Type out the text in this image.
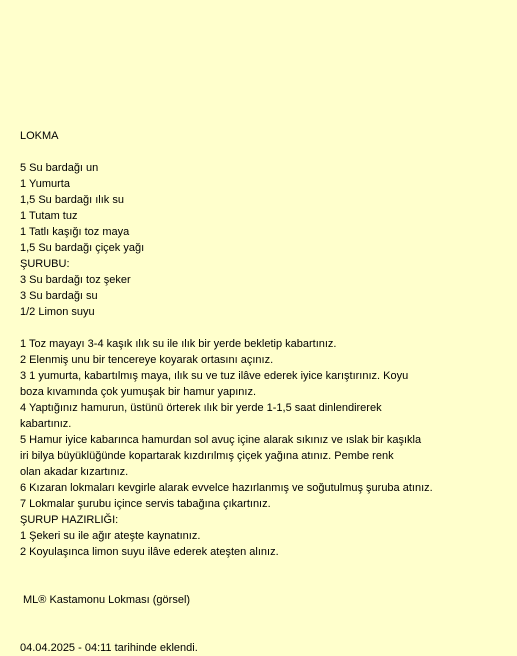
LOKMA
5 Su bardağı un
1 Yumurta
1,5 Su bardağı ılık su
1 Tutam tuz
1 Tatlı kaşığı toz maya
1,5 Su bardağı çiçek yağı
ŞURUBU:
3 Su bardağı toz şeker
3 Su bardağı su
1/2 Limon suyu
1 Toz mayayı 3-4 kaşık ılık su ile ılık bir yerde bekletip kabartınız.
2 Elenmiş unu bir tencereye koyarak ortasını açınız.
3 1 yumurta, kabartılmış maya, ılık su ve tuz ilâve ederek iyice karıştırınız. Koyu
boza kıvamında çok yumuşak bir hamur yapınız.
4 Yaptığınız hamurun, üstünü örterek ılık bir yerde 1-1,5 saat dinlendirerek
kabartınız.
5 Hamur iyice kabarınca hamurdan sol avuç içine alarak sıkınız ve ıslak bir kaşıkla
iri bilya büyüklüğünde kopartarak kızdırılmış çiçek yağına atınız. Pembe renk
olan akadar kızartınız.
6 Kızaran lokmaları kevgirle alarak evvelce hazırlanmış ve soğutulmuş şuruba atınız.
7 Lokmalar şurubu içince servis tabağına çıkartınız.
ŞURUP HAZIRLIĞI:
1 Şekeri su ile ağır ateşte kaynatınız.
2 Koyulaşınca limon suyu ilâve ederek ateşten alınız.
ML® Kastamonu Lokması (görsel)
04.04.2025 - 04:11 tarihinde eklendi.
